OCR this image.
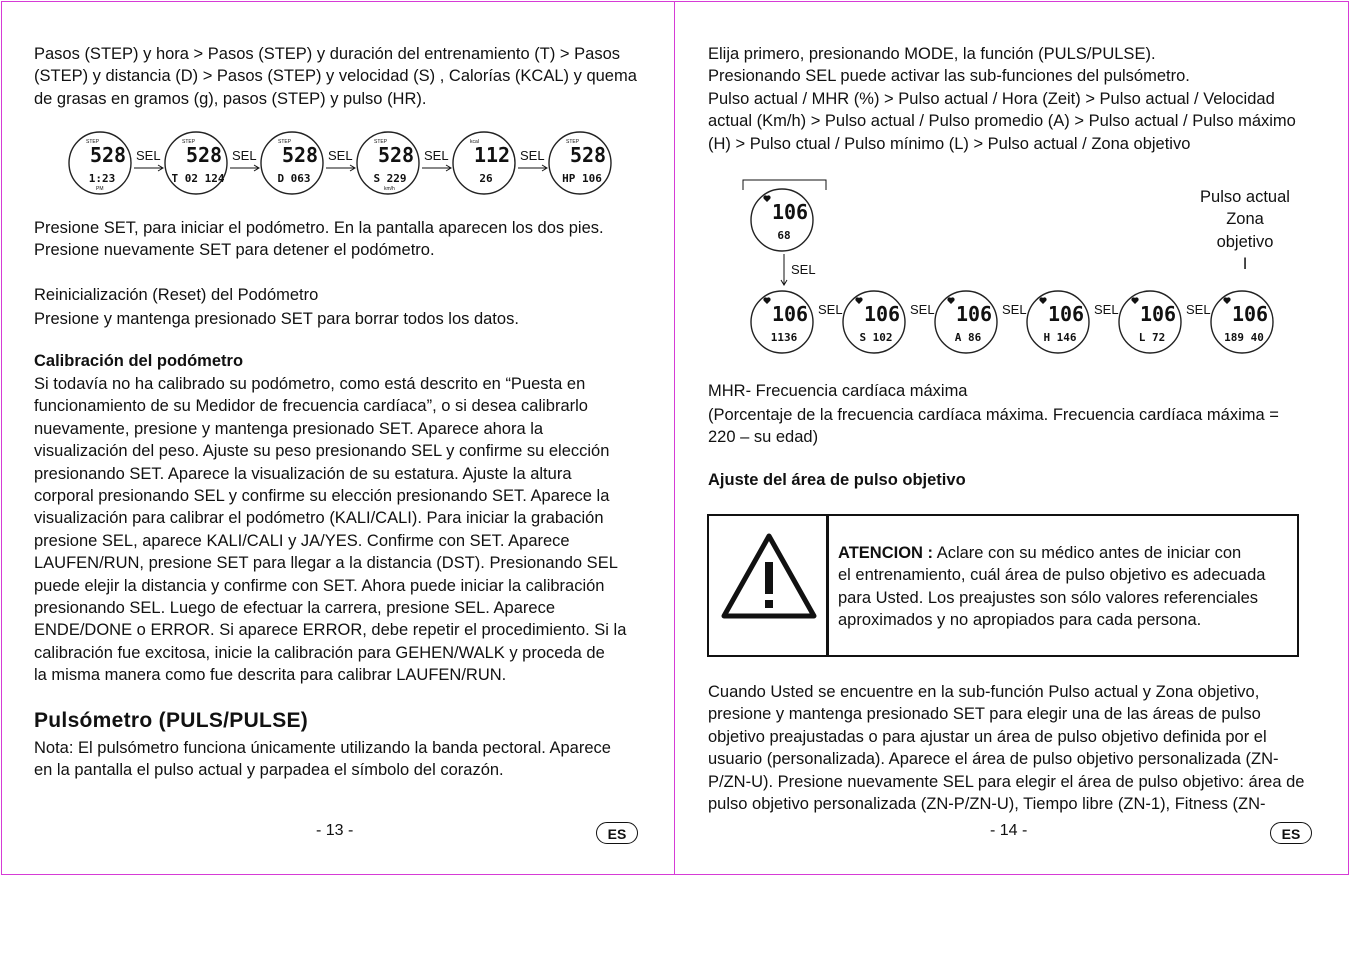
Pasos (STEP) y hora > Pasos (STEP) y duración del entrenamiento (T) > Pasos
(STEP) y distancia (D) > Pasos (STEP) y velocidad (S) , Calorías (KCAL) y quema
de grasas en gramos (g), pasos (STEP) y pulso (HR).
528
1:23
STEP
PM
SEL 528
T 02 124
STEP
SEL 528
D 063
STEP
SEL 528
S 229
STEP
km/h
SEL 112
26
kcal
SEL 528
HP 106
STEP
Presione SET, para iniciar el podómetro. En la pantalla aparecen los dos pies.
Presione nuevamente SET para detener el podómetro.
Reinicialización (Reset) del Podómetro
Presione y mantenga presionado SET para borrar todos los datos.
Calibración del podómetro
Si todavía no ha calibrado su podómetro, como está descrito en “Puesta en
funcionamiento de su Medidor de frecuencia cardíaca”, o si desea calibrarlo
nuevamente, presione y mantenga presionado SET. Aparece ahora la
visualización del peso. Ajuste su peso presionando SEL y confirme su elección
presionando SET. Aparece la visualización de su estatura. Ajuste la altura
corporal presionando SEL y confirme su elección presionando SET. Aparece la
visualización para calibrar el podómetro (KALI/CALI). Para iniciar la grabación
presione SEL, aparece KALI/CALI y JA/YES. Confirme con SET. Aparece
LAUFEN/RUN, presione SET para llegar a la distancia (DST). Presionando SEL
puede elejir la distancia y confirme con SET. Ahora puede iniciar la calibración
presionando SEL. Luego de efectuar la carrera, presione SEL. Aparece
ENDE/DONE o ERROR. Si aparece ERROR, debe repetir el procedimiento. Si la
calibración fue excitosa, inicie la calibración para GEHEN/WALK y proceda de
la misma manera como fue descrita para calibrar LAUFEN/RUN.
Pulsómetro (PULS/PULSE)
Nota: El pulsómetro funciona únicamente utilizando la banda pectoral. Aparece
en la pantalla el pulso actual y parpadea el símbolo del corazón.
- 13 -	ES
Elija primero, presionando MODE, la función (PULS/PULSE).
Presionando SEL puede activar las sub-funciones del pulsómetro.
Pulso actual / MHR (%) > Pulso actual / Hora (Zeit) > Pulso actual / Velocidad
actual (Km/h) > Pulso actual / Pulso promedio (A) > Pulso actual / Pulso máximo
(H) > Pulso ctual / Pulso mínimo (L) > Pulso actual / Zona objetivo
106
68
SEL
106
1136
SEL 106
S 102
SEL 106
A 86
SEL 106
H 146
SEL 106
L 72
SEL 106
189 40
Pulso actual
Zona
objetivo
I
MHR- Frecuencia cardíaca máxima
(Porcentaje de la frecuencia cardíaca máxima. Frecuencia cardíaca máxima =
220 – su edad)
Ajuste del área de pulso objetivo
ATENCION : Aclare con su médico antes de iniciar con
el entrenamiento, cuál área de pulso objetivo es adecuada
para Usted. Los preajustes son sólo valores referenciales
aproximados y no apropiados para cada persona.
Cuando Usted se encuentre en la sub-función Pulso actual y Zona objetivo,
presione y mantenga presionado SET para elegir una de las áreas de pulso
objetivo preajustadas o para ajustar un área de pulso objetivo definida por el
usuario (personalizada). Aparece el área de pulso objetivo personalizada (ZN-
P/ZN-U). Presione nuevamente SEL para elegir el área de pulso objetivo: área de
pulso objetivo personalizada (ZN-P/ZN-U), Tiempo libre (ZN-1), Fitness (ZN-
- 14 -	ES
